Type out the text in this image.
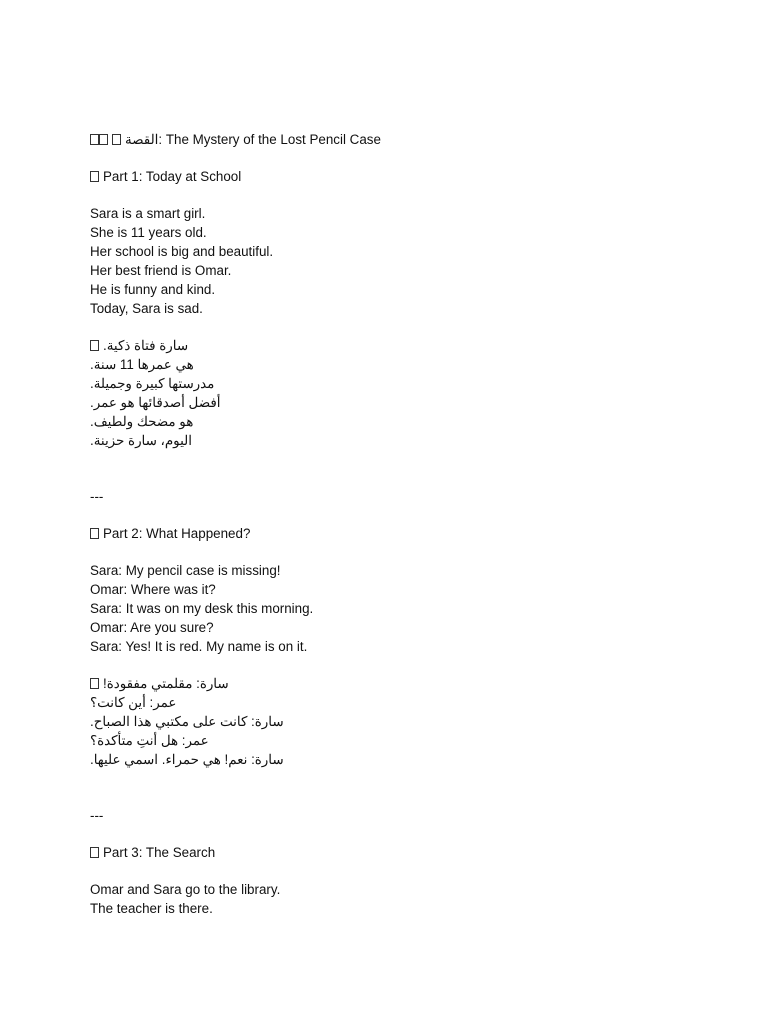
القصة: The Mystery of the Lost Pencil Case
Part 1: Today at School
Sara is a smart girl.
She is 11 years old.
Her school is big and beautiful.
Her best friend is Omar.
He is funny and kind.
Today, Sara is sad.
سارة فتاة ذكية.
هي عمرها 11 سنة.
مدرستها كبيرة وجميلة.
أفضل أصدقائها هو عمر.
هو مضحك ولطيف.
اليوم، سارة حزينة.
---
Part 2: What Happened?
Sara: My pencil case is missing!
Omar: Where was it?
Sara: It was on my desk this morning.
Omar: Are you sure?
Sara: Yes! It is red. My name is on it.
سارة: مقلمتي مفقودة!
عمر: أين كانت؟
سارة: كانت على مكتبي هذا الصباح.
عمر: هل أنتِ متأكدة؟
سارة: نعم! هي حمراء. اسمي عليها.
---
Part 3: The Search
Omar and Sara go to the library.
The teacher is there.
